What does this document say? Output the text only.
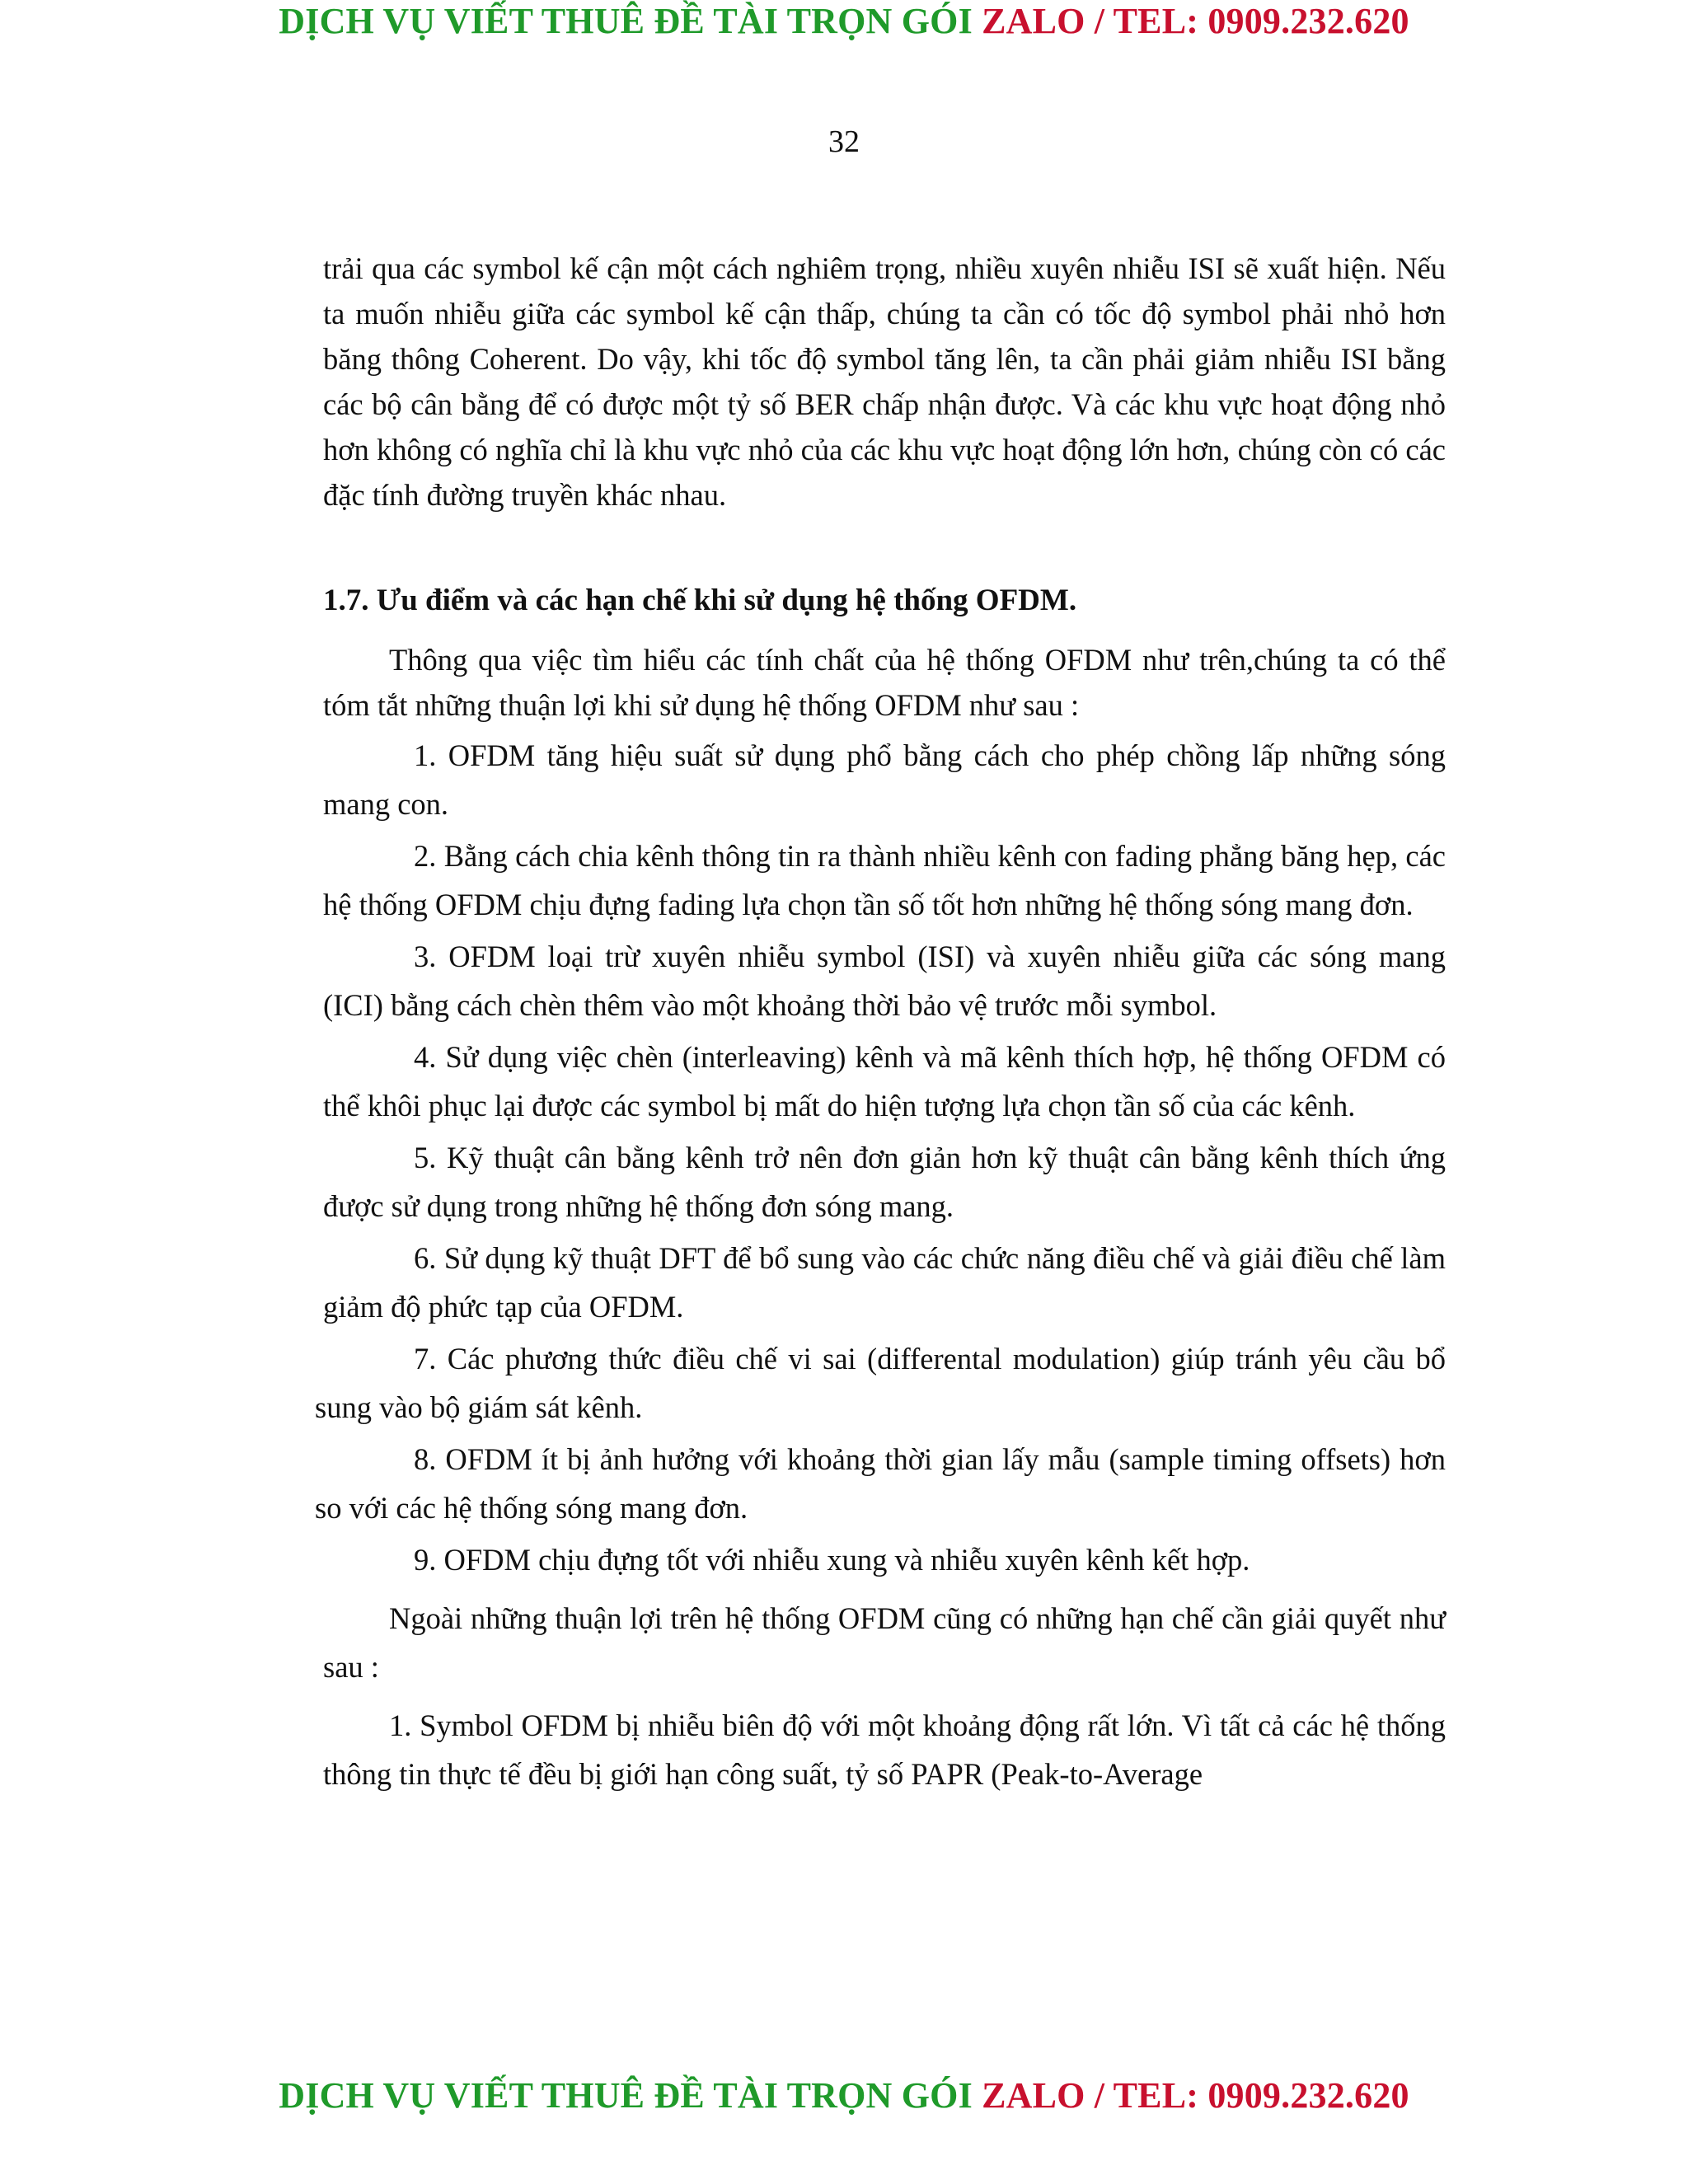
DỊCH VỤ VIẾT THUÊ ĐỀ TÀI TRỌN GÓI ZALO / TEL: 0909.232.620
32

trải qua các symbol kế cận một cách nghiêm trọng, nhiều xuyên nhiễu ISI sẽ xuất hiện. Nếu ta muốn nhiễu giữa các symbol kế cận thấp, chúng ta cần có tốc độ symbol phải nhỏ hơn băng thông Coherent. Do vậy, khi tốc độ symbol tăng lên, ta cần phải giảm nhiễu ISI bằng các bộ cân bằng để có được một tỷ số BER chấp nhận được. Và các khu vực hoạt động nhỏ hơn không có nghĩa chỉ là khu vực nhỏ của các khu vực hoạt động lớn hơn, chúng còn có các đặc tính đường truyền khác nhau.

1.7. Ưu điểm và các hạn chế khi sử dụng hệ thống OFDM.

Thông qua việc tìm hiểu các tính chất của hệ thống OFDM như trên,chúng ta có thể tóm tắt những thuận lợi khi sử dụng hệ thống OFDM như sau :

1. OFDM tăng hiệu suất sử dụng phổ bằng cách cho phép chồng lấp những sóng mang con.

2. Bằng cách chia kênh thông tin ra thành nhiều kênh con fading phẳng băng hẹp, các hệ thống OFDM chịu đựng fading lựa chọn tần số tốt hơn những hệ thống sóng mang đơn.

3. OFDM loại trừ xuyên nhiễu symbol (ISI) và xuyên nhiễu giữa các sóng mang (ICI) bằng cách chèn thêm vào một khoảng thời bảo vệ trước mỗi symbol.

4. Sử dụng việc chèn (interleaving) kênh và mã kênh thích hợp, hệ thống OFDM có thể khôi phục lại được các symbol bị mất do hiện tượng lựa chọn tần số của các kênh.

5. Kỹ thuật cân bằng kênh trở nên đơn giản hơn kỹ thuật cân bằng kênh thích ứng được sử dụng trong những hệ thống đơn sóng mang.

6. Sử dụng kỹ thuật DFT để bổ sung vào các chức năng điều chế và giải điều chế làm giảm độ phức tạp của OFDM.

7. Các phương thức điều chế vi sai (differental modulation) giúp tránh yêu cầu bổ sung vào bộ giám sát kênh.

8. OFDM ít bị ảnh hưởng với khoảng thời gian lấy mẫu (sample timing offsets) hơn so với các hệ thống sóng mang đơn.

9. OFDM chịu đựng tốt với nhiễu xung và nhiễu xuyên kênh kết hợp.

Ngoài những thuận lợi trên hệ thống OFDM cũng có những hạn chế cần giải quyết như sau :

1. Symbol OFDM bị nhiễu biên độ với một khoảng động rất lớn. Vì tất cả các hệ thống thông tin thực tế đều bị giới hạn công suất, tỷ số PAPR (Peak-to-Average

DỊCH VỤ VIẾT THUÊ ĐỀ TÀI TRỌN GÓI ZALO / TEL: 0909.232.620
